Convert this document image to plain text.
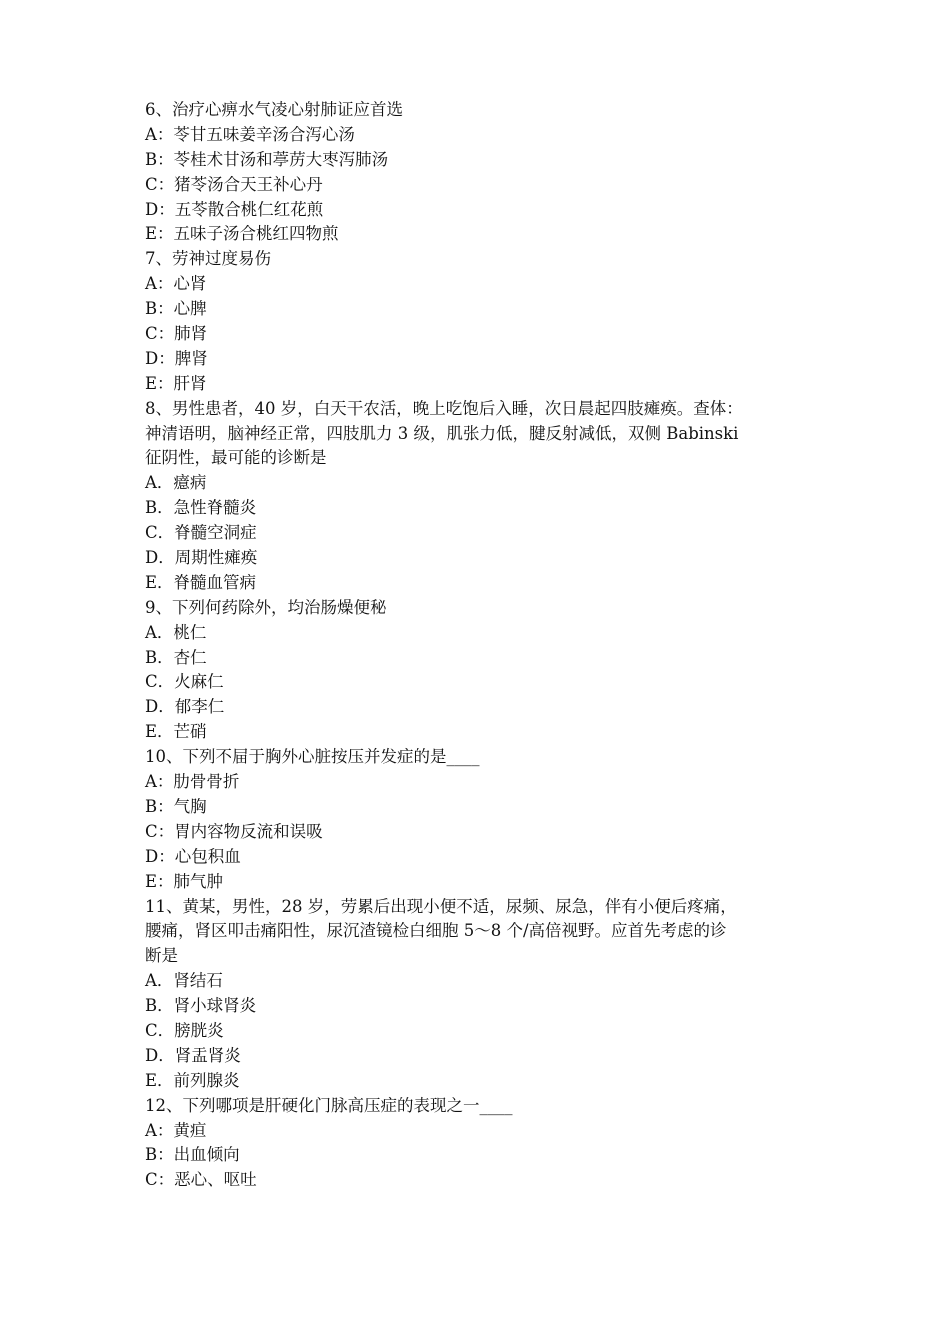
6、治疗心痹水气凌心射肺证应首选
A：苓甘五味姜辛汤合泻心汤
B：苓桂术甘汤和葶苈大枣泻肺汤
C：猪苓汤合天王补心丹
D：五苓散合桃仁红花煎
E：五味子汤合桃红四物煎
7、劳神过度易伤
A：心肾
B：心脾
C：肺肾
D：脾肾
E：肝肾
8、男性患者，40 岁，白天干农活，晚上吃饱后入睡，次日晨起四肢瘫痪。查体：
神清语明，脑神经正常，四肢肌力 3 级，肌张力低，腱反射减低，双侧 Babinski
征阴性，最可能的诊断是
A．癔病
B．急性脊髓炎
C．脊髓空洞症
D．周期性瘫痪
E．脊髓血管病
9、下列何药除外，均治肠燥便秘
A．桃仁
B．杏仁
C．火麻仁
D．郁李仁
E．芒硝
10、下列不屇于胸外心脏按压并发症的是____
A：肋骨骨折
B：气胸
C：胃内容物反流和误吸
D：心包积血
E：肺气肿
11、黄某，男性，28 岁，劳累后出现小便不适，尿频、尿急，伴有小便后疼痛，
腰痛，肾区叩击痛阳性，尿沉渣镜检白细胞 5～8 个/高倍视野。应首先考虑的诊
断是
A．肾结石
B．肾小球肾炎
C．膀胱炎
D．肾盂肾炎
E．前列腺炎
12、下列哪项是肝硬化门脉高压症的表现之一____
A：黄疸
B：出血倾向
C：恶心、呕吐
